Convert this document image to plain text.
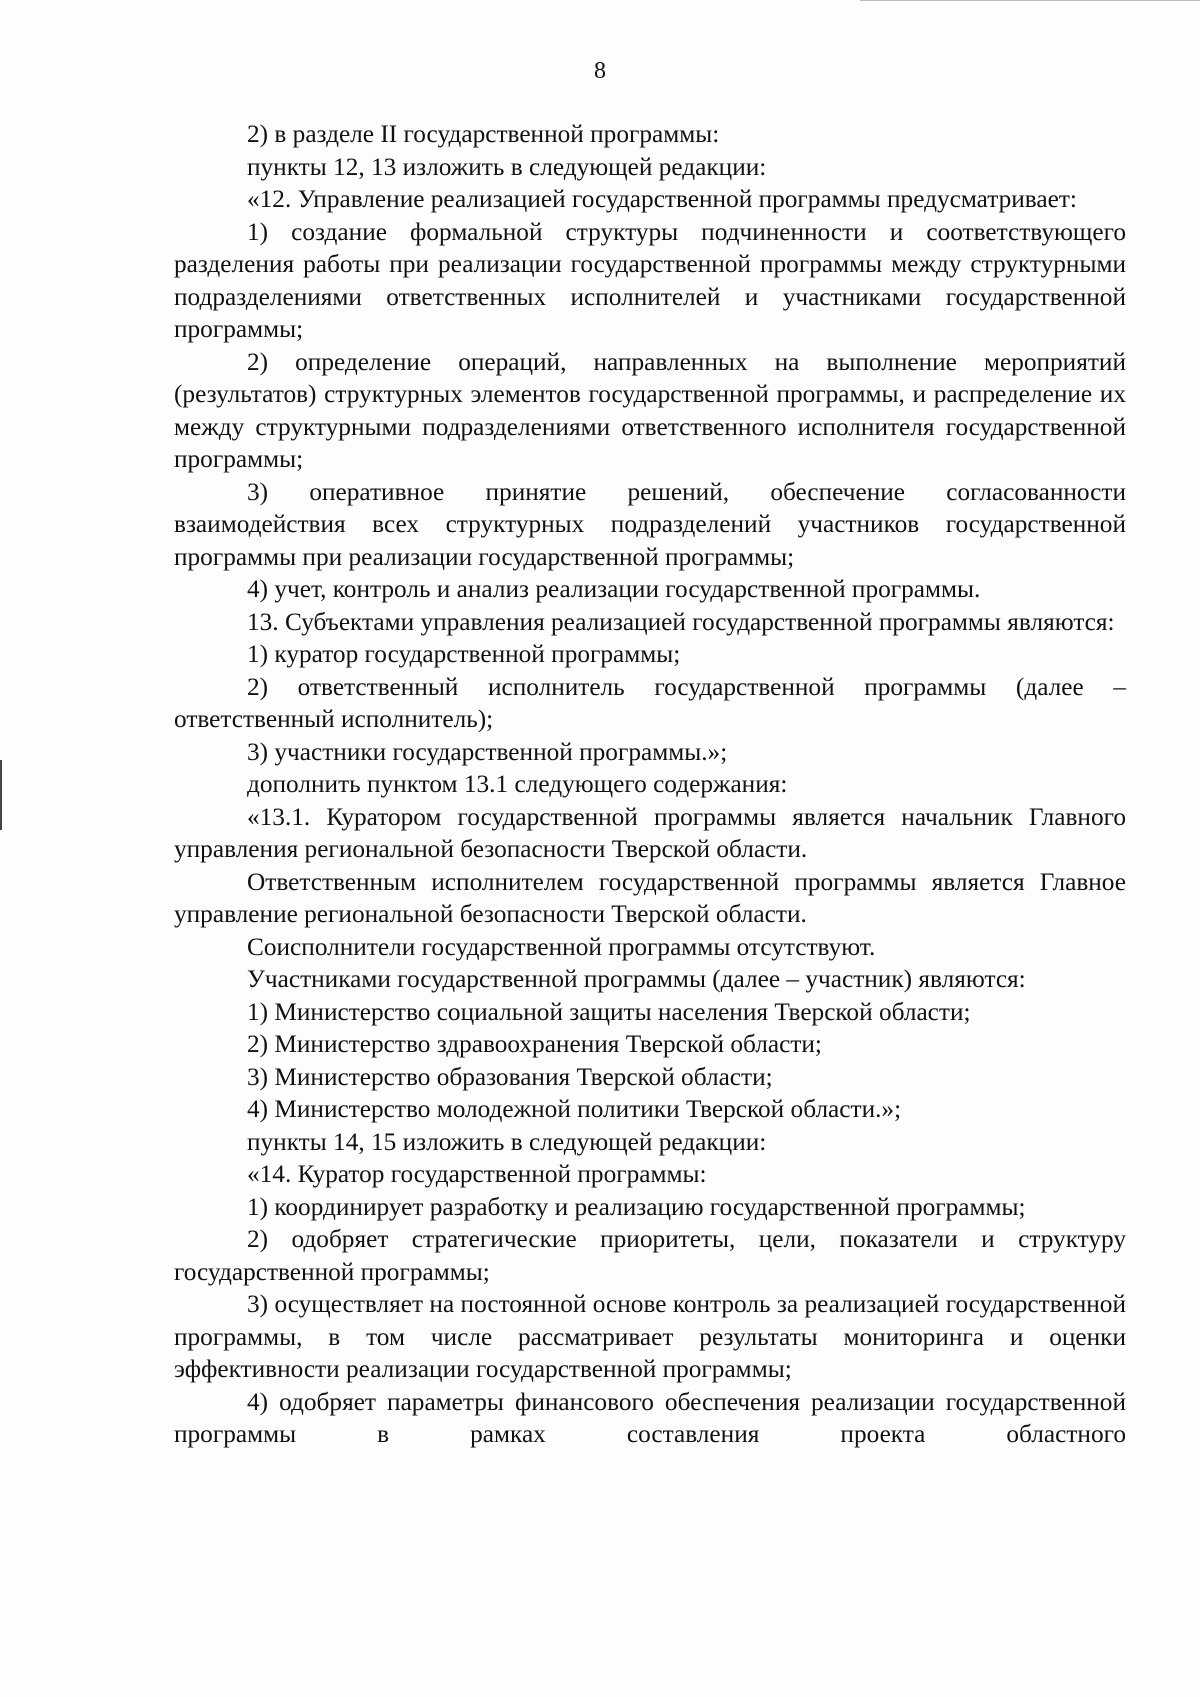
8

2) в разделе II государственной программы:

пункты 12, 13 изложить в следующей редакции:

«12. Управление реализацией государственной программы предусматривает:

1) создание формальной структуры подчиненности и соответствующего разделения работы при реализации государственной программы между структурными подразделениями ответственных исполнителей и участниками государственной программы;

2) определение операций, направленных на выполнение мероприятий (результатов) структурных элементов государственной программы, и распределение их между структурными подразделениями ответственного исполнителя государственной программы;

3) оперативное принятие решений, обеспечение согласованности взаимодействия всех структурных подразделений участников государственной программы при реализации государственной программы;

4) учет, контроль и анализ реализации государственной программы.

13. Субъектами управления реализацией государственной программы являются:

1) куратор государственной программы;

2) ответственный исполнитель государственной программы (далее – ответственный исполнитель);

3) участники государственной программы.»;

дополнить пунктом 13.1 следующего содержания:

«13.1. Куратором государственной программы является начальник Главного управления региональной безопасности Тверской области.

Ответственным исполнителем государственной программы является Главное управление региональной безопасности Тверской области.

Соисполнители государственной программы отсутствуют.

Участниками государственной программы (далее – участник) являются:

1) Министерство социальной защиты населения Тверской области;

2) Министерство здравоохранения Тверской области;

3) Министерство образования Тверской области;

4) Министерство молодежной политики Тверской области.»;

пункты 14, 15 изложить в следующей редакции:

«14. Куратор государственной программы:

1) координирует разработку и реализацию государственной программы;

2) одобряет стратегические приоритеты, цели, показатели и структуру государственной программы;

3) осуществляет на постоянной основе контроль за реализацией государственной программы, в том числе рассматривает результаты мониторинга и оценки эффективности реализации государственной программы;

4) одобряет параметры финансового обеспечения реализации государственной программы в рамках составления проекта областного
